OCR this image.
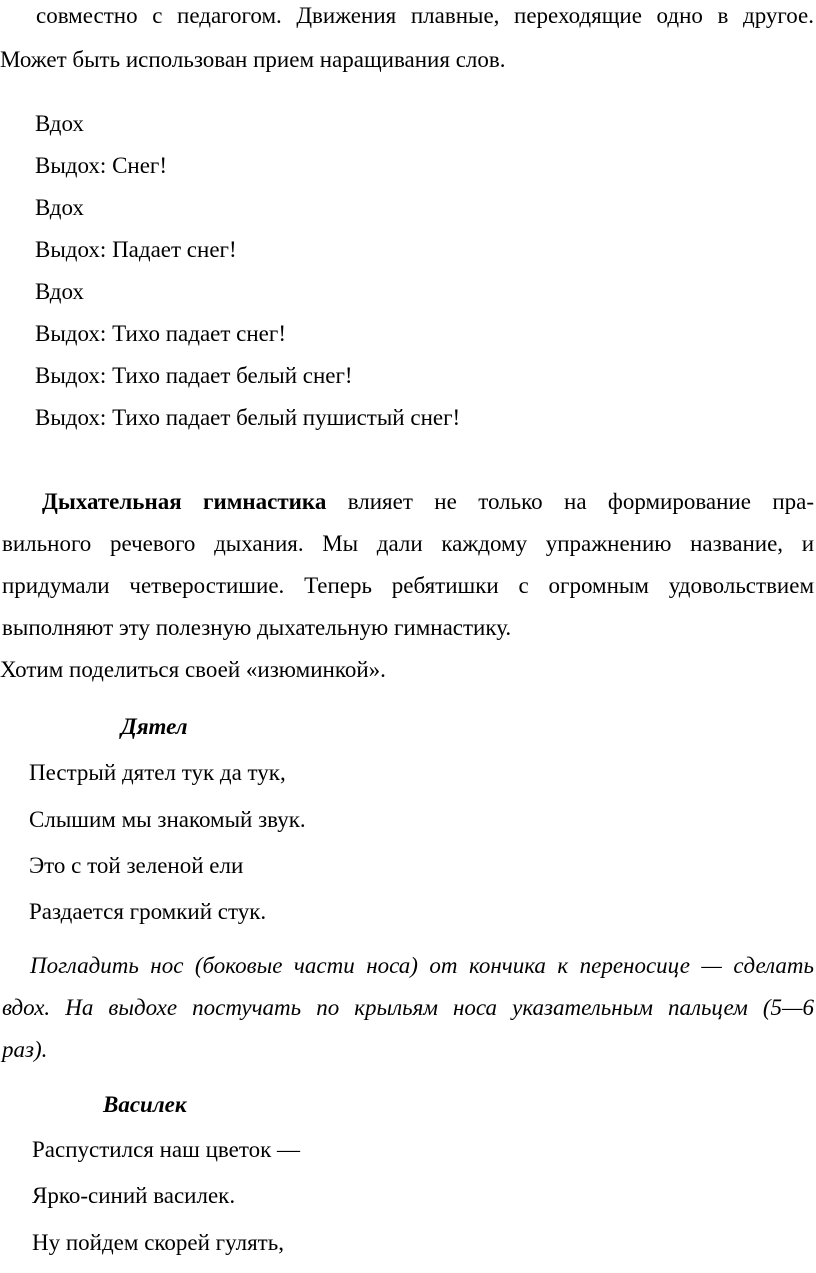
совместно с педагогом. Движения плавные, переходящие одно в другое.
Может быть использован прием наращивания слов.
Вдох
Выдох: Снег!
Вдох
Выдох: Падает снег!
Вдох
Выдох: Тихо падает снег!
Выдох: Тихо падает белый снег!
Выдох: Тихо падает белый пушистый снег!
Дыхательная гимнастика влияет не только на формирование пра-
вильного речевого дыхания. Мы дали каждому упражнению название, и
придумали четверостишие. Теперь ребятишки с огромным удовольствием
выполняют эту полезную дыхательную гимнастику.
Хотим поделиться своей «изюминкой».
Дятел
Пестрый дятел тук да тук,
Слышим мы знакомый звук.
Это с той зеленой ели
Раздается громкий стук.
Погладить нос (боковые части носа) от кончика к переносице — сделать
вдох. На выдохе постучать по крыльям носа указательным пальцем (5—6
раз).
Василек
Распустился наш цветок —
Ярко-синий василек.
Ну пойдем скорей гулять,
